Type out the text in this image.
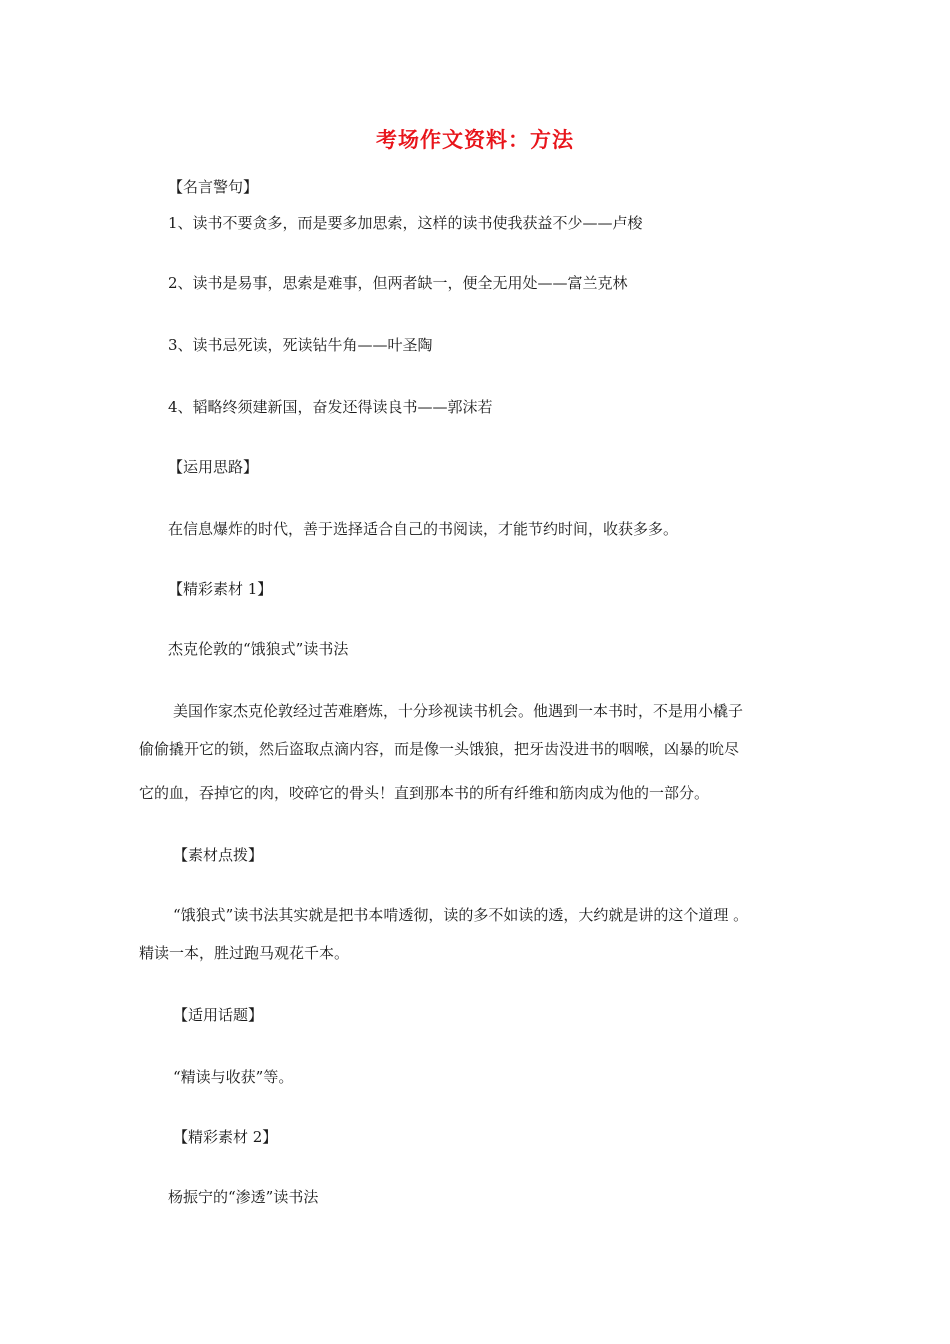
考场作文资料：方法
【名言警句】
1、读书不要贪多，而是要多加思索，这样的读书使我获益不少——卢梭
2、读书是易事，思索是难事，但两者缺一，便全无用处——富兰克林
3、读书忌死读，死读钻牛角——叶圣陶
4、韬略终须建新国，奋发还得读良书——郭沫若
【运用思路】
在信息爆炸的时代，善于选择适合自己的书阅读，才能节约时间，收获多多。
【精彩素材 1】
杰克伦敦的“饿狼式”读书法
美国作家杰克伦敦经过苦难磨炼，十分珍视读书机会。他遇到一本书时，不是用小橇子
偷偷撬开它的锁，然后盗取点滴内容，而是像一头饿狼，把牙齿没进书的咽喉，凶暴的吮尽
它的血，吞掉它的肉，咬碎它的骨头！直到那本书的所有纤维和筋肉成为他的一部分。
【素材点拨】
“饿狼式”读书法其实就是把书本啃透彻，读的多不如读的透，大约就是讲的这个道理 。
精读一本，胜过跑马观花千本。
【适用话题】
“精读与收获”等。
【精彩素材 2】
杨振宁的“渗透”读书法
